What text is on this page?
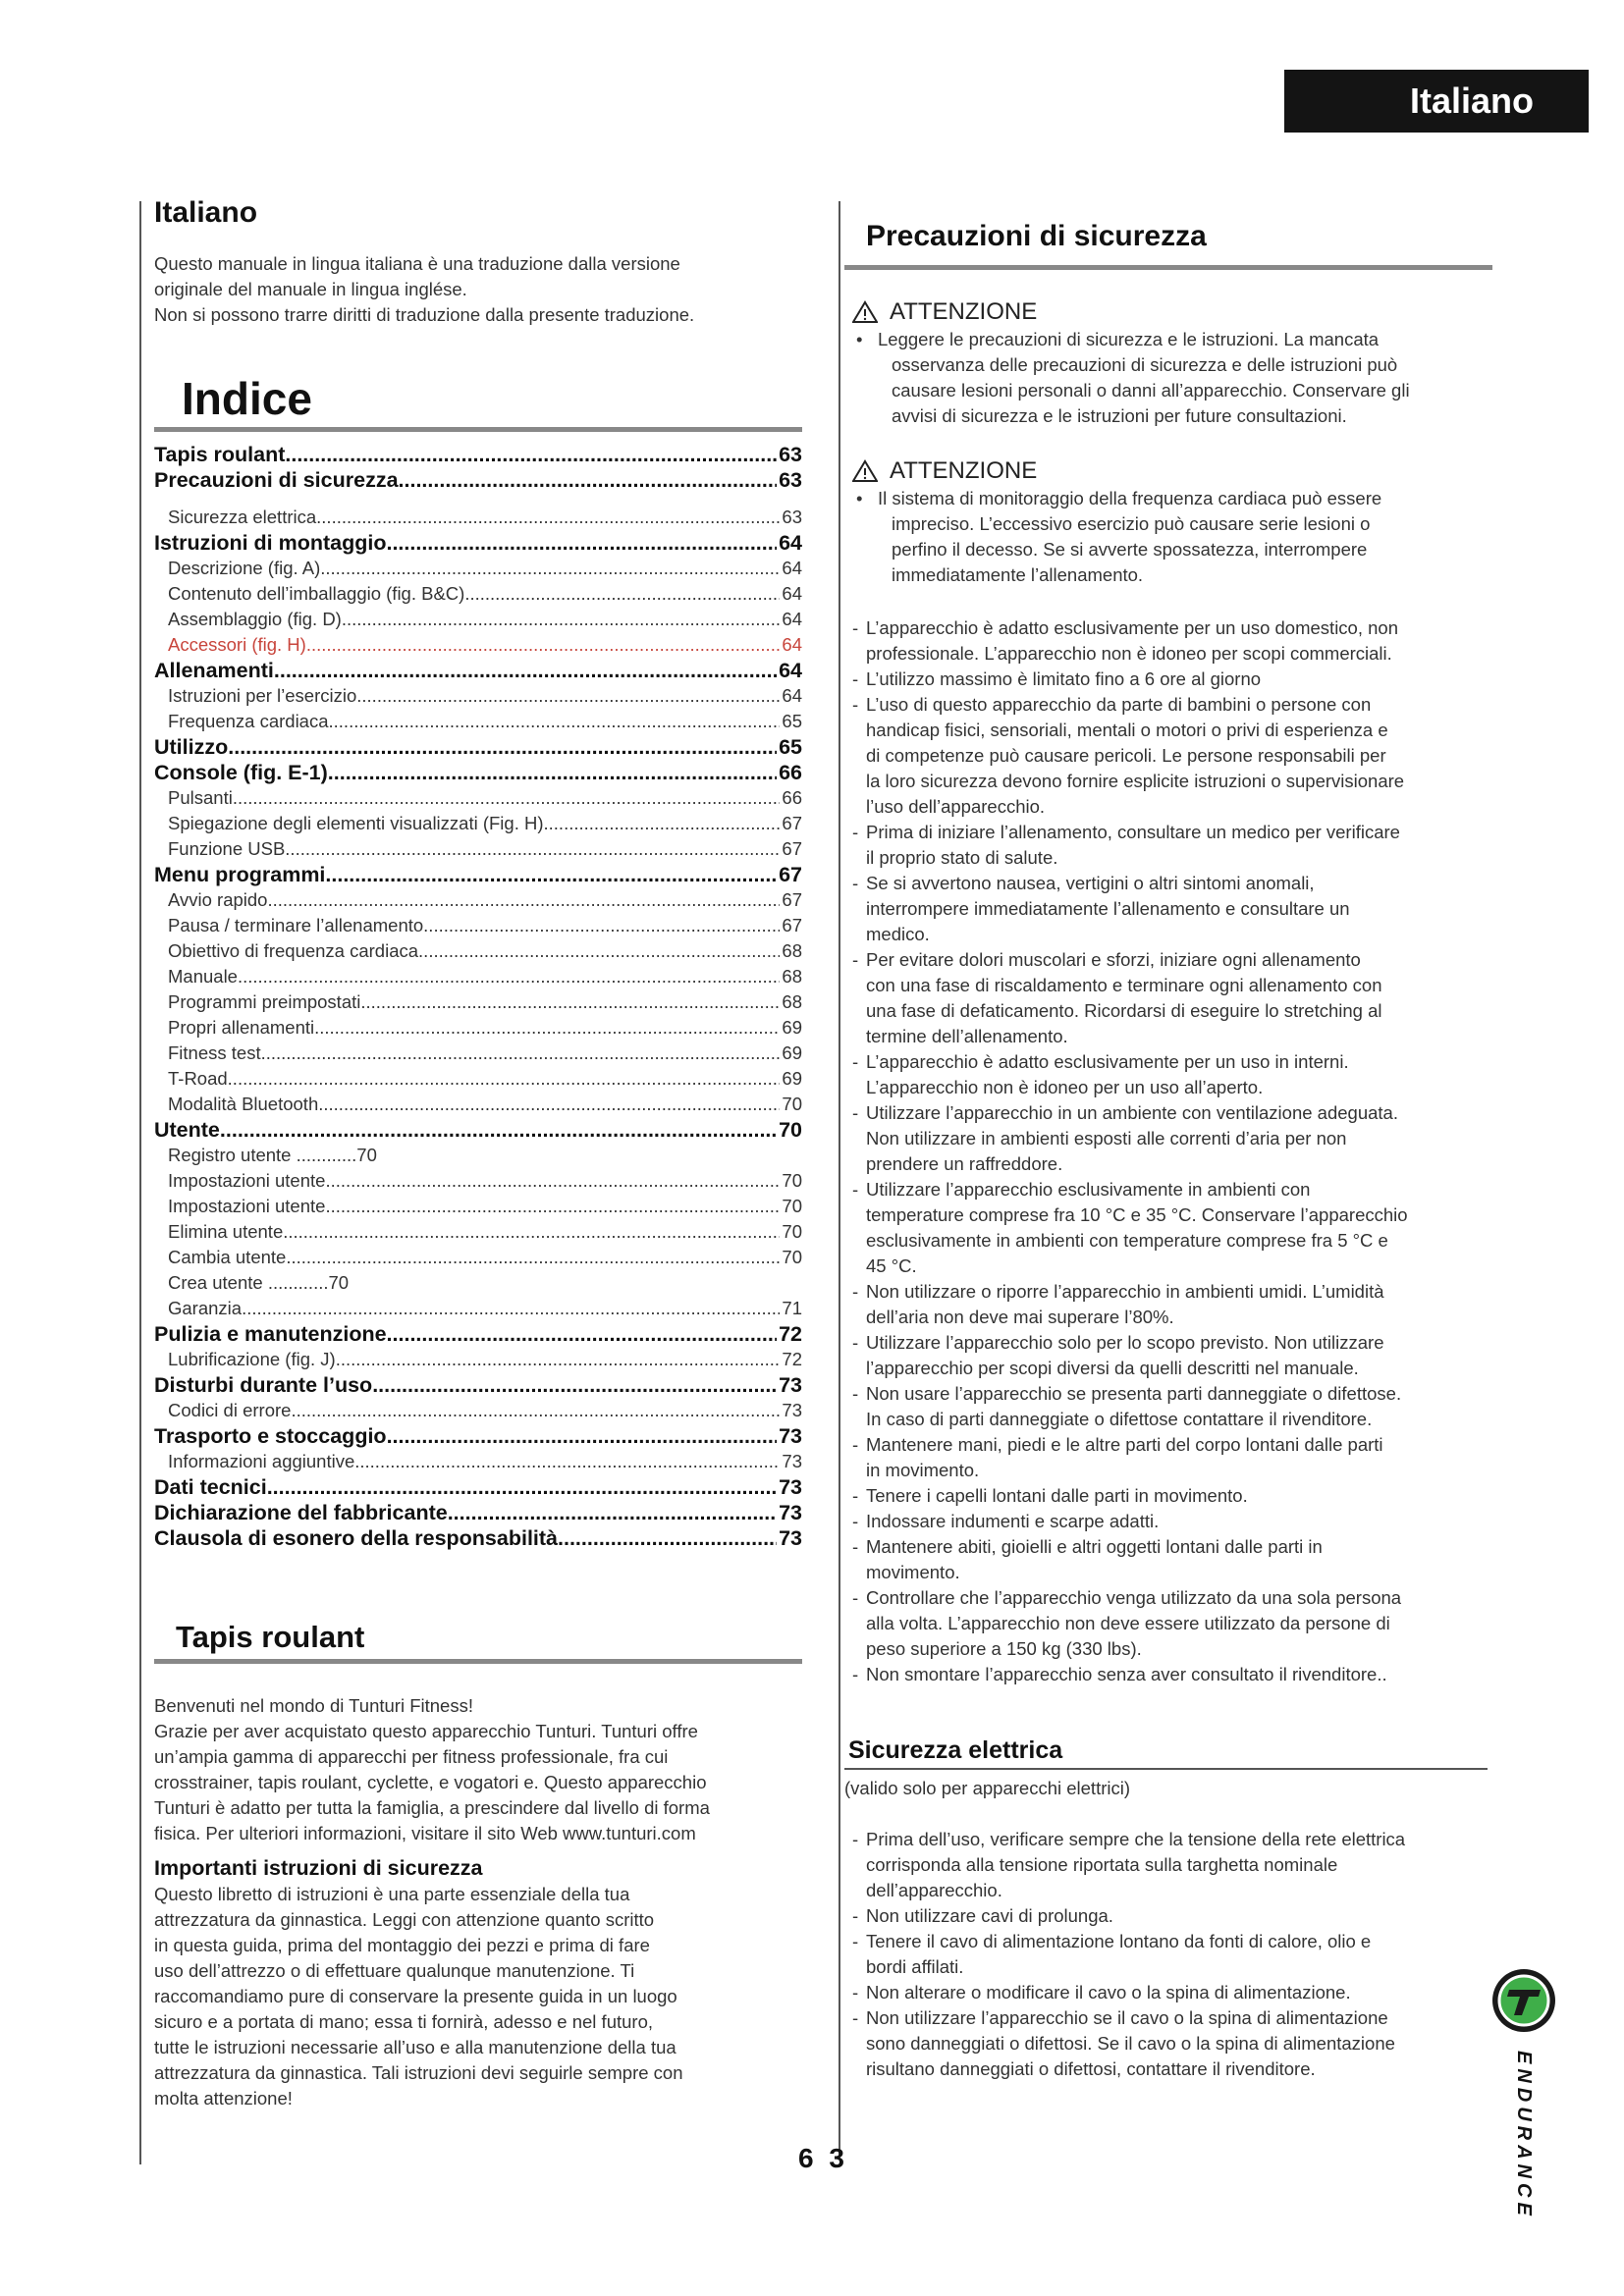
Italiano
Italiano
Questo manuale in lingua italiana è una traduzione dalla versione
originale del manuale in lingua inglése.
Non si possono trarre diritti di traduzione dalla presente traduzione.
Indice
Tapis roulant .....	63
Precauzioni di sicurezza .....	63
Sicurezza elettrica .....	63
Istruzioni di montaggio .....	64
Descrizione (fig. A) .....	64
Contenuto dell’imballaggio (fig. B&C) .....	64
Assemblaggio (fig. D) .....	64
Accessori (fig. H) .....	64
Allenamenti .....	64
Istruzioni per l’esercizio .....	64
Frequenza cardiaca .....	65
Utilizzo .....	65
Console (fig. E-1) .....	66
Pulsanti .....	66
Spiegazione degli elementi visualizzati (Fig. H) .....	67
Funzione USB .....	67
Menu programmi .....	67
Avvio rapido .....	67
Pausa / terminare l’allenamento .....	67
Obiettivo di frequenza cardiaca .....	68
Manuale .....	68
Programmi preimpostati .....	68
Propri allenamenti .....	69
Fitness test .....	69
T-Road .....	69
Modalità Bluetooth .....	70
Utente .....	70
Registro utente ............70
Impostazioni utente .....	70
Impostazioni utente .....	70
Elimina utente .....	70
Cambia utente .....	70
Crea utente ............70
Garanzia .....	71
Pulizia e manutenzione .....	72
Lubrificazione (fig. J) .....	72
Disturbi durante l’uso .....	73
Codici di errore .....	73
Trasporto e stoccaggio .....	73
Informazioni aggiuntive .....	73
Dati tecnici .....	73
Dichiarazione del fabbricante .....	73
Clausola di esonero della responsabilità .....	73
Tapis roulant
Benvenuti nel mondo di Tunturi Fitness!
Grazie per aver acquistato questo apparecchio Tunturi. Tunturi offre
un’ampia gamma di apparecchi per fitness professionale, fra cui
crosstrainer, tapis roulant, cyclette, e vogatori e. Questo apparecchio
Tunturi è adatto per tutta la famiglia, a prescindere dal livello di forma
fisica. Per ulteriori informazioni, visitare il sito Web www.tunturi.com
Importanti istruzioni di sicurezza
Questo libretto di istruzioni è una parte essenziale della tua
attrezzatura da ginnastica. Leggi con attenzione quanto scritto
in questa guida, prima del montaggio dei pezzi e prima di fare
uso dell’attrezzo o di effettuare qualunque manutenzione. Ti
raccomandiamo pure di conservare la presente guida in un luogo
sicuro e a portata di mano; essa ti fornirà, adesso e nel futuro,
tutte le istruzioni necessarie all’uso e alla manutenzione della tua
attrezzatura da ginnastica. Tali istruzioni devi seguirle sempre con
molta attenzione!
Precauzioni di sicurezza
ATTENZIONE
• Leggere le precauzioni di sicurezza e le istruzioni. La mancata
osservanza delle precauzioni di sicurezza e delle istruzioni può
causare lesioni personali o danni all’apparecchio. Conservare gli
avvisi di sicurezza e le istruzioni per future consultazioni.
ATTENZIONE
• Il sistema di monitoraggio della frequenza cardiaca può essere
impreciso. L’eccessivo esercizio può causare serie lesioni o
perfino il decesso. Se si avverte spossatezza, interrompere
immediatamente l’allenamento.
- L’apparecchio è adatto esclusivamente per un uso domestico, non
professionale. L’apparecchio non è idoneo per scopi commerciali.
- L’utilizzo massimo è limitato fino a 6 ore al giorno
- L’uso di questo apparecchio da parte di bambini o persone con
handicap fisici, sensoriali, mentali o motori o privi di esperienza e
di competenze può causare pericoli. Le persone responsabili per
la loro sicurezza devono fornire esplicite istruzioni o supervisionare
l’uso dell’apparecchio.
- Prima di iniziare l’allenamento, consultare un medico per verificare
il proprio stato di salute.
- Se si avvertono nausea, vertigini o altri sintomi anomali,
interrompere immediatamente l’allenamento e consultare un
medico.
- Per evitare dolori muscolari e sforzi, iniziare ogni allenamento
con una fase di riscaldamento e terminare ogni allenamento con
una fase di defaticamento. Ricordarsi di eseguire lo stretching al
termine dell’allenamento.
- L’apparecchio è adatto esclusivamente per un uso in interni.
L’apparecchio non è idoneo per un uso all’aperto.
- Utilizzare l’apparecchio in un ambiente con ventilazione adeguata.
Non utilizzare in ambienti esposti alle correnti d’aria per non
prendere un raffreddore.
- Utilizzare l’apparecchio esclusivamente in ambienti con
temperature comprese fra 10 °C e 35 °C. Conservare l’apparecchio
esclusivamente in ambienti con temperature comprese fra 5 °C e
45 °C.
- Non utilizzare o riporre l’apparecchio in ambienti umidi. L’umidità
dell’aria non deve mai superare l’80%.
- Utilizzare l’apparecchio solo per lo scopo previsto. Non utilizzare
l’apparecchio per scopi diversi da quelli descritti nel manuale.
- Non usare l’apparecchio se presenta parti danneggiate o difettose.
In caso di parti danneggiate o difettose contattare il rivenditore.
- Mantenere mani, piedi e le altre parti del corpo lontani dalle parti
in movimento.
- Tenere i capelli lontani dalle parti in movimento.
- Indossare indumenti e scarpe adatti.
- Mantenere abiti, gioielli e altri oggetti lontani dalle parti in
movimento.
- Controllare che l’apparecchio venga utilizzato da una sola persona
alla volta. L’apparecchio non deve essere utilizzato da persone di
peso superiore a 150 kg (330 lbs).
- Non smontare l’apparecchio senza aver consultato il rivenditore..
Sicurezza elettrica
(valido solo per apparecchi elettrici)
- Prima dell’uso, verificare sempre che la tensione della rete elettrica
corrisponda alla tensione riportata sulla targhetta nominale
dell’apparecchio.
- Non utilizzare cavi di prolunga.
- Tenere il cavo di alimentazione lontano da fonti di calore, olio e
bordi affilati.
- Non alterare o modificare il cavo o la spina di alimentazione.
- Non utilizzare l’apparecchio se il cavo o la spina di alimentazione
sono danneggiati o difettosi. Se il cavo o la spina di alimentazione
risultano danneggiati o difettosi, contattare il rivenditore.
6 3	ENDURANCE
